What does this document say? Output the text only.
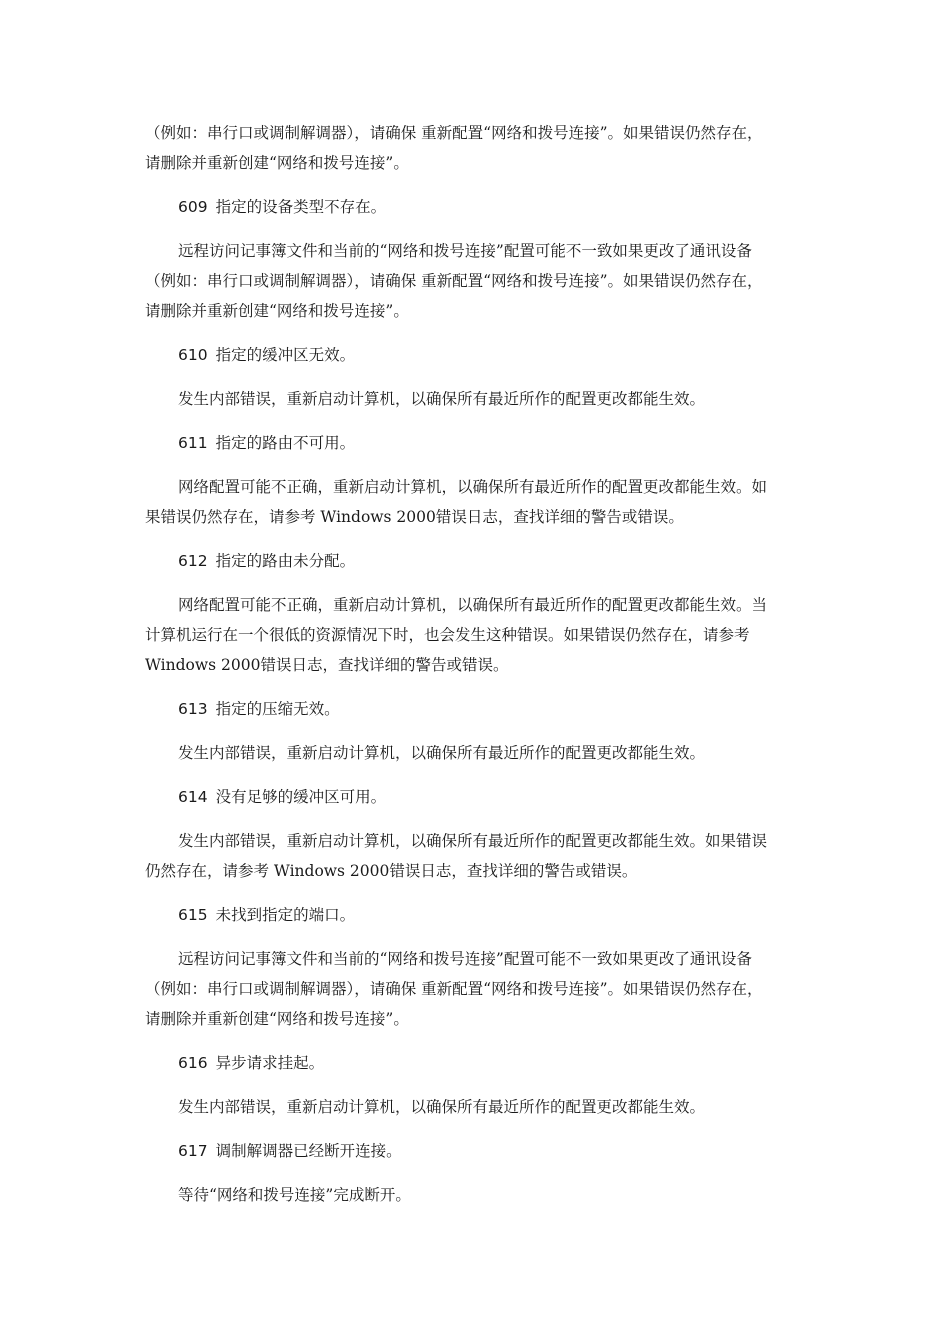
（例如：串行口或调制解调器），请确保 重新配置“网络和拨号连接”。如果错误仍然存在，
请删除并重新创建“网络和拨号连接”。
609 指定的设备类型不存在。
远程访问记事簿文件和当前的“网络和拨号连接”配置可能不一致如果更改了通讯设备
（例如：串行口或调制解调器），请确保 重新配置“网络和拨号连接”。如果错误仍然存在，
请删除并重新创建“网络和拨号连接”。
610 指定的缓冲区无效。
发生内部错误，重新启动计算机，以确保所有最近所作的配置更改都能生效。
611 指定的路由不可用。
网络配置可能不正确，重新启动计算机，以确保所有最近所作的配置更改都能生效。如
果错误仍然存在，请参考 Windows 2000错误日志，查找详细的警告或错误。
612 指定的路由未分配。
网络配置可能不正确，重新启动计算机，以确保所有最近所作的配置更改都能生效。当
计算机运行在一个很低的资源情况下时，也会发生这种错误。如果错误仍然存在，请参考
Windows 2000错误日志，查找详细的警告或错误。
613 指定的压缩无效。
发生内部错误，重新启动计算机，以确保所有最近所作的配置更改都能生效。
614 没有足够的缓冲区可用。
发生内部错误，重新启动计算机，以确保所有最近所作的配置更改都能生效。如果错误
仍然存在，请参考 Windows 2000错误日志，查找详细的警告或错误。
615 未找到指定的端口。
远程访问记事簿文件和当前的“网络和拨号连接”配置可能不一致如果更改了通讯设备
（例如：串行口或调制解调器），请确保 重新配置“网络和拨号连接”。如果错误仍然存在，
请删除并重新创建“网络和拨号连接”。
616 异步请求挂起。
发生内部错误，重新启动计算机，以确保所有最近所作的配置更改都能生效。
617 调制解调器已经断开连接。
等待“网络和拨号连接”完成断开。
